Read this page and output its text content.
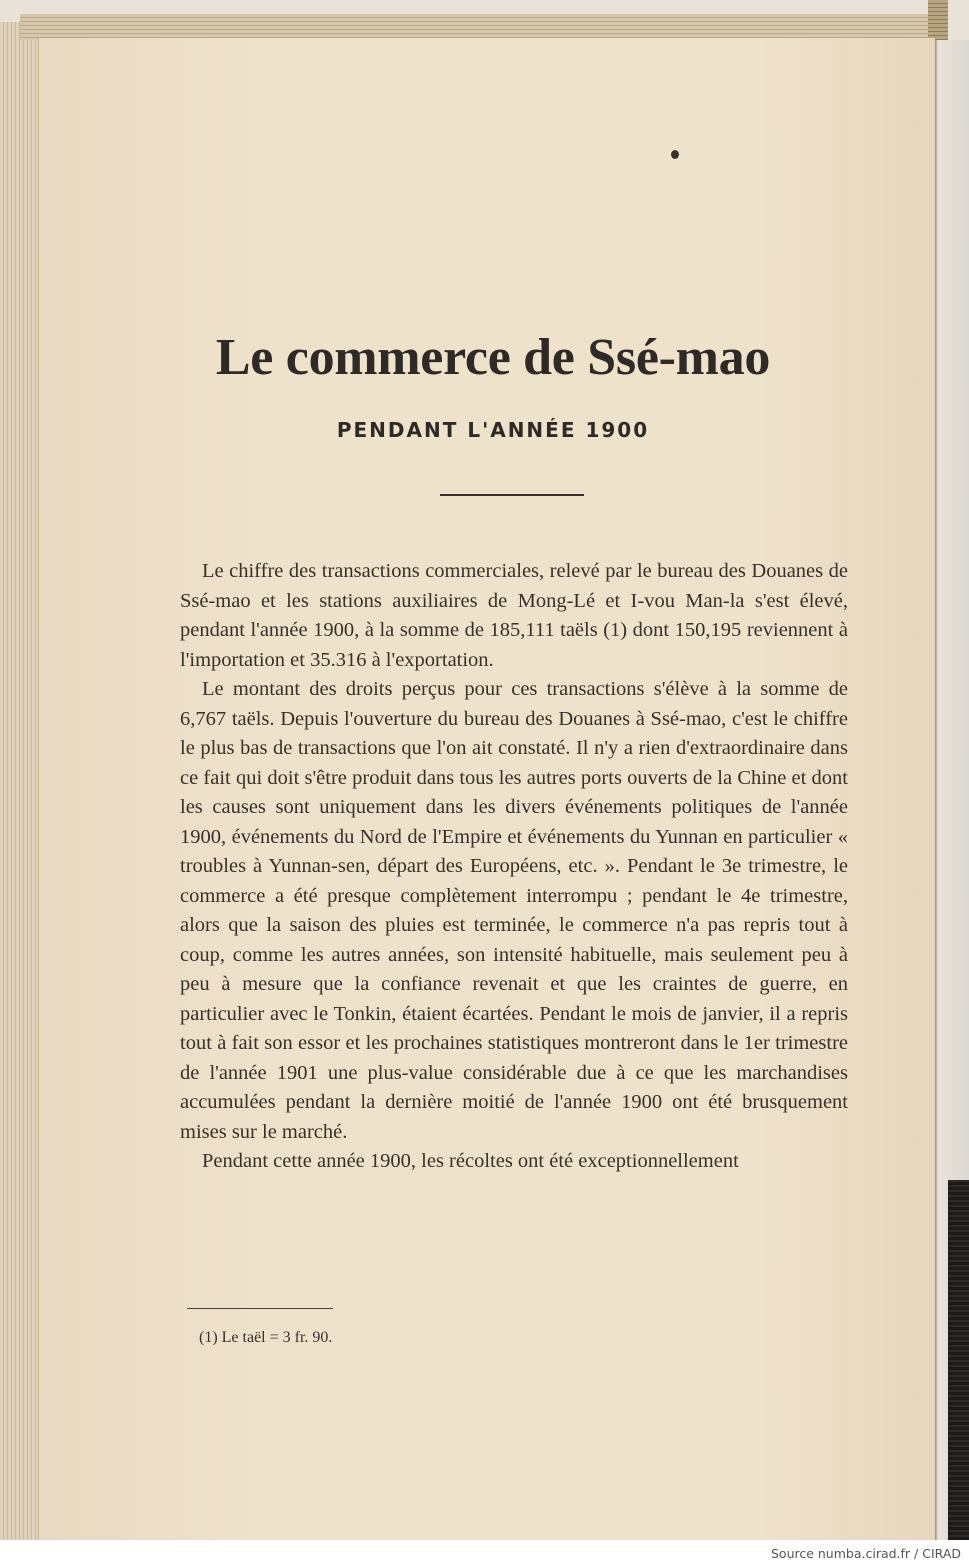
Le commerce de Ssé-mao
PENDANT L'ANNÉE 1900

Le chiffre des transactions commerciales, relevé par le bureau des Douanes de Ssé-mao et les stations auxiliaires de Mong-Lé et I-vou Man-la s'est élevé, pendant l'année 1900, à la somme de 185,111 taëls (1) dont 150,195 reviennent à l'importation et 35.316 à l'exportation.

Le montant des droits perçus pour ces transactions s'élève à la somme de 6,767 taëls. Depuis l'ouverture du bureau des Douanes à Ssé-mao, c'est le chiffre le plus bas de transactions que l'on ait constaté. Il n'y a rien d'extraordinaire dans ce fait qui doit s'être produit dans tous les autres ports ouverts de la Chine et dont les causes sont uniquement dans les divers événements politiques de l'année 1900, événements du Nord de l'Empire et événements du Yunnan en particulier « troubles à Yunnan-sen, départ des Européens, etc. ». Pendant le 3e trimestre, le commerce a été presque complètement interrompu ; pendant le 4e trimestre, alors que la saison des pluies est terminée, le commerce n'a pas repris tout à coup, comme les autres années, son intensité habituelle, mais seulement peu à peu à mesure que la confiance revenait et que les craintes de guerre, en particulier avec le Tonkin, étaient écartées. Pendant le mois de janvier, il a repris tout à fait son essor et les prochaines statistiques montreront dans le 1er trimestre de l'année 1901 une plus-value considérable due à ce que les marchandises accumulées pendant la dernière moitié de l'année 1900 ont été brusquement mises sur le marché.

Pendant cette année 1900, les récoltes ont été exceptionnellement

(1) Le taël = 3 fr. 90.
Source numba.cirad.fr / CIRAD
